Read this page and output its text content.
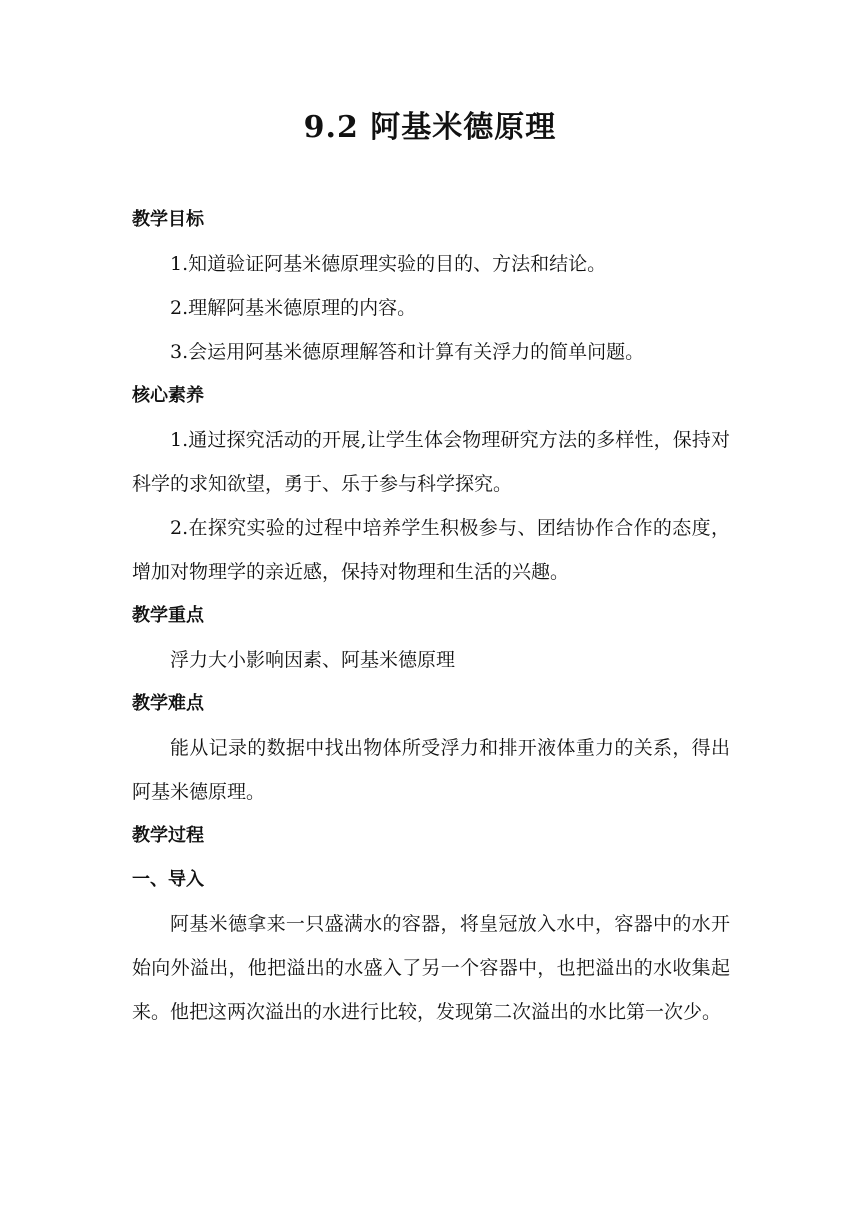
9.2 阿基米德原理
教学目标

1.知道验证阿基米德原理实验的目的、方法和结论。

2.理解阿基米德原理的内容。

3.会运用阿基米德原理解答和计算有关浮力的简单问题。

核心素养

1.通过探究活动的开展,让学生体会物理研究方法的多样性，保持对科学的求知欲望，勇于、乐于参与科学探究。

2.在探究实验的过程中培养学生积极参与、团结协作合作的态度，增加对物理学的亲近感，保持对物理和生活的兴趣。

教学重点

浮力大小影响因素、阿基米德原理

教学难点

能从记录的数据中找出物体所受浮力和排开液体重力的关系，得出阿基米德原理。

教学过程
一、导入

阿基米德拿来一只盛满水的容器，将皇冠放入水中，容器中的水开始向外溢出，他把溢出的水盛入了另一个容器中，也把溢出的水收集起来。他把这两次溢出的水进行比较，发现第二次溢出的水比第一次少。
